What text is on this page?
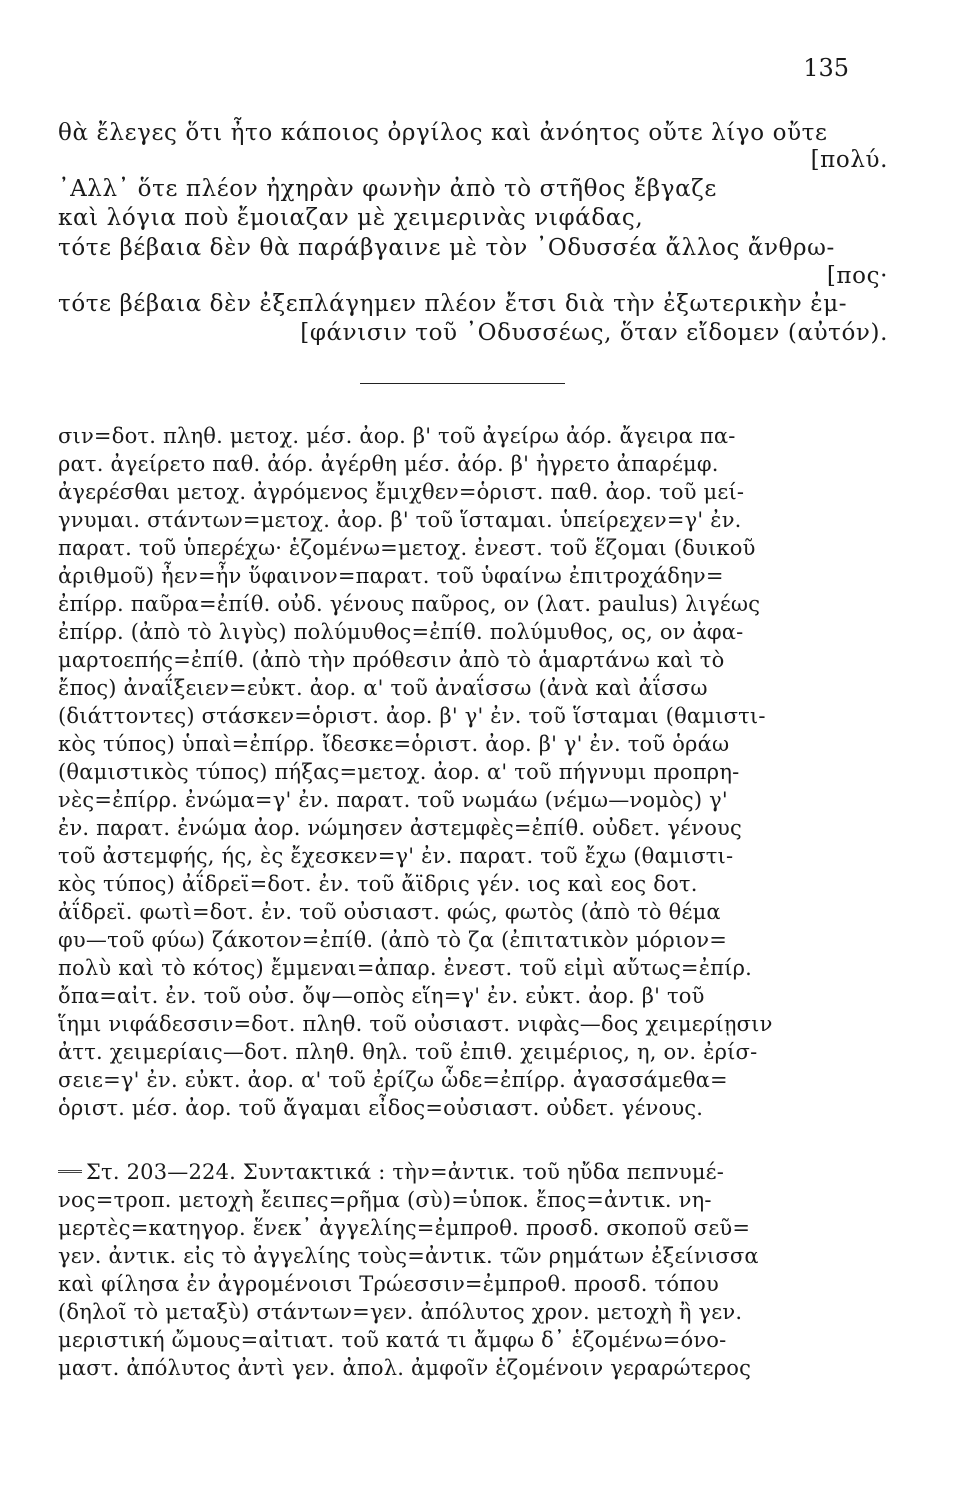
135

θὰ ἔλεγες ὅτι ἦτο κάποιος ὀργίλος καὶ ἀνόητος οὔτε λίγο οὔτε

[πολύ.

᾿Αλλ᾿ ὅτε πλέον ἠχηρὰν φωνὴν ἀπὸ τὸ στῆθος ἔβγαζε

καὶ λόγια ποὺ ἔμοιαζαν μὲ χειμερινὰς νιφάδας,

τότε βέβαια δὲν θὰ παράβγαινε μὲ τὸν ᾿Οδυσσέα ἄλλος ἄνθρω-

[πος·

τότε βέβαια δὲν ἐξεπλάγημεν πλέον ἔτσι διὰ τὴν ἐξωτερικὴν ἐμ-

[φάνισιν τοῦ ᾿Οδυσσέως, ὅταν εἴδομεν (αὐτόν).

σιν=δοτ. πληθ. μετοχ. μέσ. ἀορ. β' τοῦ ἀγείρω ἀόρ. ἄγειρα πα-

ρατ. ἀγείρετο παθ. ἀόρ. ἀγέρθη μέσ. ἀόρ. β' ἠγρετο ἀπαρέμφ.

ἀγερέσθαι μετοχ. ἀγρόμενος ἔμιχθεν=ὁριστ. παθ. ἀορ. τοῦ μεί-

γνυμαι. στάντων=μετοχ. ἀορ. β' τοῦ ἵσταμαι. ὑπείρεχεν=γ' ἐν.

παρατ. τοῦ ὑπερέχω· ἑζομένω=μετοχ. ἐνεστ. τοῦ ἕζομαι (δυικοῦ

ἀριθμοῦ) ἦεν=ἦν ὕφαινον=παρατ. τοῦ ὑφαίνω ἐπιτροχάδην=

ἐπίρρ. παῦρα=ἐπίθ. οὐδ. γένους παῦρος, ον (λατ. paulus) λιγέως

ἐπίρρ. (ἀπὸ τὸ λιγὺς) πολύμυθος=ἐπίθ. πολύμυθος, ος, ον ἀφα-

μαρτοεπής=ἐπίθ. (ἀπὸ τὴν πρόθεσιν ἀπὸ τὸ ἁμαρτάνω καὶ τὸ

ἔπος) ἀναΐξειεν=εὐκτ. ἀορ. α' τοῦ ἀναΐσσω (ἀνὰ καὶ ἀΐσσω

(διάττοντες) στάσκεν=ὁριστ. ἀορ. β' γ' ἐν. τοῦ ἵσταμαι (θαμιστι-

κὸς τύπος) ὑπαὶ=ἐπίρρ. ἴδεσκε=ὁριστ. ἀορ. β' γ' ἐν. τοῦ ὁράω

(θαμιστικὸς τύπος) πήξας=μετοχ. ἀορ. α' τοῦ πήγνυμι προπρη-

νὲς=ἐπίρρ. ἐνώμα=γ' ἐν. παρατ. τοῦ νωμάω (νέμω—νομὸς) γ'

ἐν. παρατ. ἐνώμα ἀορ. νώμησεν ἀστεμφὲς=ἐπίθ. οὐδετ. γένους

τοῦ ἀστεμφής, ής, ὲς ἔχεσκεν=γ' ἐν. παρατ. τοῦ ἔχω (θαμιστι-

κὸς τύπος) ἀΐδρεϊ=δοτ. ἐν. τοῦ ἄϊδρις γέν. ιος καὶ εος δοτ.

ἀΐδρεϊ. φωτὶ=δοτ. ἐν. τοῦ οὐσιαστ. φώς, φωτὸς (ἀπὸ τὸ θέμα

φυ—τοῦ φύω) ζάκοτον=ἐπίθ. (ἀπὸ τὸ ζα (ἐπιτατικὸν μόριον=

πολὺ καὶ τὸ κότος) ἔμμεναι=ἀπαρ. ἐνεστ. τοῦ εἰμὶ αὔτως=ἐπίρ.

ὄπα=αἰτ. ἐν. τοῦ οὐσ. ὄψ—οπὸς εἵη=γ' ἐν. εὐκτ. ἀορ. β' τοῦ

ἵημι νιφάδεσσιν=δοτ. πληθ. τοῦ οὐσιαστ. νιφὰς—δος χειμερίῃσιν

ἀττ. χειμερίαις—δοτ. πληθ. θηλ. τοῦ ἐπιθ. χειμέριος, η, ον. ἐρίσ-

σειε=γ' ἐν. εὐκτ. ἀορ. α' τοῦ ἐρίζω ὧδε=ἐπίρρ. ἀγασσάμεθα=

ὁριστ. μέσ. ἀορ. τοῦ ἄγαμαι εἶδος=οὐσιαστ. οὐδετ. γένους.

Στ. 203—224. Συντακτικά : τὴν=ἀντικ. τοῦ ηὔδα πεπνυμέ-

νος=τροπ. μετοχὴ ἔειπες=ρῆμα (σὺ)=ὑποκ. ἔπος=ἀντικ. νη-

μερτὲς=κατηγορ. ἕνεκ᾿ ἀγγελίης=ἐμπροθ. προσδ. σκοποῦ σεῦ=

γεν. ἀντικ. εἰς τὸ ἀγγελίης τοὺς=ἀντικ. τῶν ρημάτων ἐξείνισσα

καὶ φίλησα ἐν ἀγρομένοισι Τρώεσσιν=ἐμπροθ. προσδ. τόπου

(δηλοῖ τὸ μεταξὺ) στάντων=γεν. ἀπόλυτος χρον. μετοχὴ ἢ γεν.

μεριστική ὤμους=αἰτιατ. τοῦ κατά τι ἄμφω δ᾿ ἑζομένω=όνο-

μαστ. ἀπόλυτος ἀντὶ γεν. ἀπολ. ἀμφοῖν ἑζομένοιν γεραρώτερος
